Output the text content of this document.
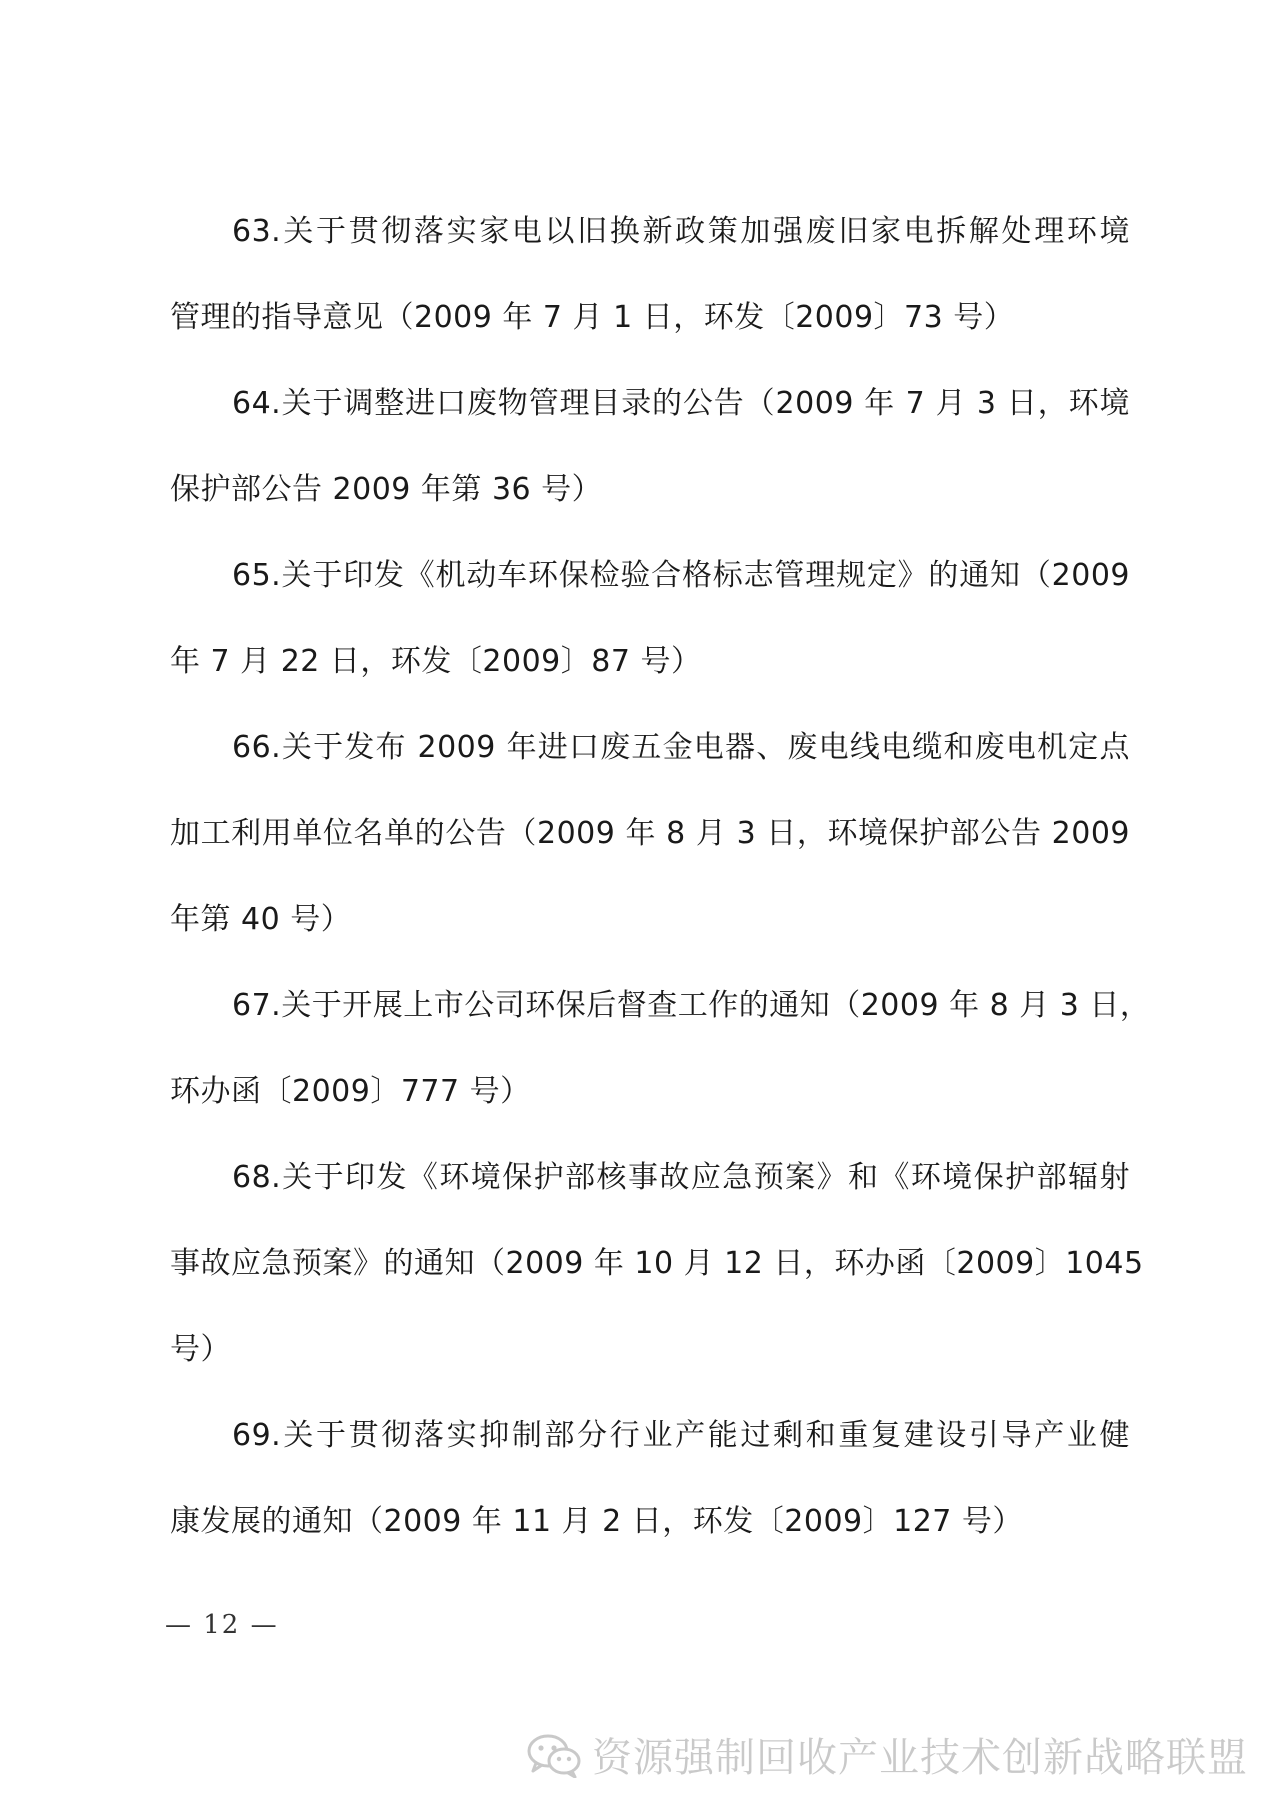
63.关于贯彻落实家电以旧换新政策加强废旧家电拆解处理环境
管理的指导意见（2009 年 7 月 1 日，环发〔2009〕73 号）
64.关于调整进口废物管理目录的公告（2009 年 7 月 3 日，环境
保护部公告 2009 年第 36 号）
65.关于印发《机动车环保检验合格标志管理规定》的通知（2009
年 7 月 22 日，环发〔2009〕87 号）
66.关于发布 2009 年进口废五金电器、废电线电缆和废电机定点
加工利用单位名单的公告（2009 年 8 月 3 日，环境保护部公告 2009
年第 40 号）
67.关于开展上市公司环保后督查工作的通知（2009 年 8 月 3 日，
环办函〔2009〕777 号）
68.关于印发《环境保护部核事故应急预案》和《环境保护部辐射
事故应急预案》的通知（2009 年 10 月 12 日，环办函〔2009〕1045
号）
69.关于贯彻落实抑制部分行业产能过剩和重复建设引导产业健
康发展的通知（2009 年 11 月 2 日，环发〔2009〕127 号）
— 12 —
资源强制回收产业技术创新战略联盟
